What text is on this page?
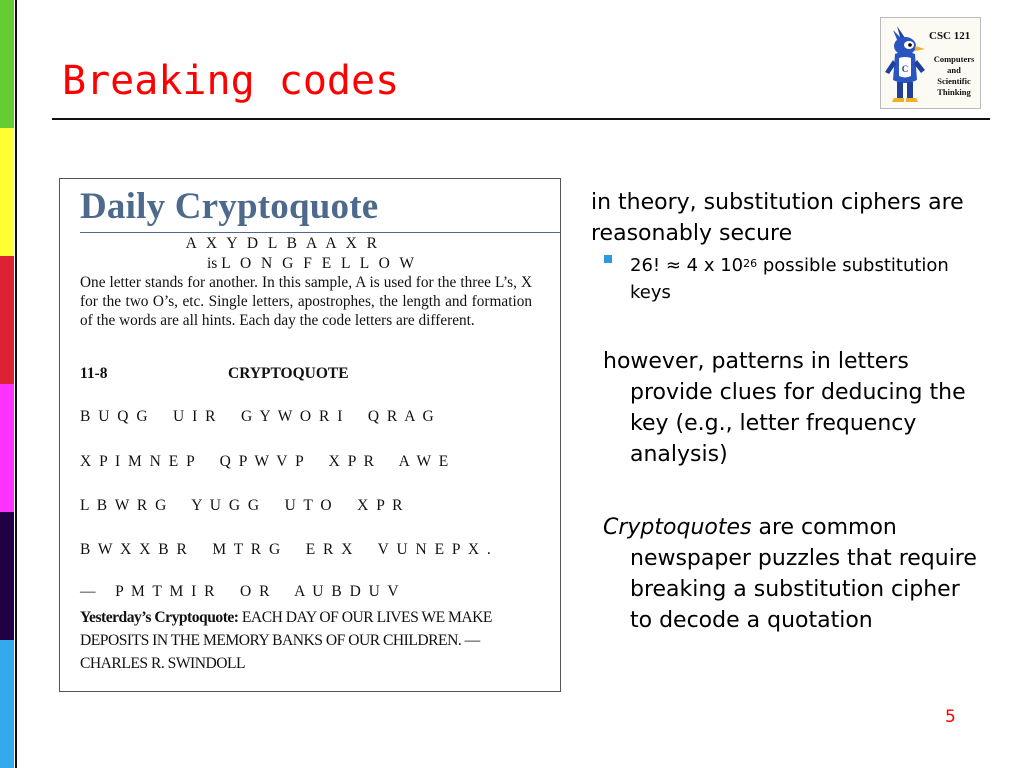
Breaking codes	C
CSC 121
Computers
and
Scientific
Thinking
Daily Cryptoquote
A X Y D L B A A X R
is L O N G F E L L O W
One letter stands for another. In this sample, A is used for the three L’s, X for the two O’s, etc. Single letters, apostrophes, the length and formation of the words are all hints. Each day the code letters are different.
11-8	CRYPTOQUOTE
B U Q G    U I R    G Y W O R I    Q R A G
X P I M N E P    Q P W V P    X P R    A W E
L B W R G    Y U G G    U T O    X P R
B W X X B R    M T R G    E R X    V U N E P X .
—   P M T M I R    O R    A U B D U V
Yesterday’s Cryptoquote: EACH DAY OF OUR LIVES WE MAKE DEPOSITS IN THE MEMORY BANKS OF OUR CHILDREN. — CHARLES R. SWINDOLL
in theory, substitution ciphers are reasonably secure
26! ≈ 4 x $10^{26}$ possible substitution keys
however, patterns in letters
provide clues for deducing the key (e.g., letter frequency analysis)
Cryptoquotes are common
newspaper puzzles that require breaking a substitution cipher to decode a quotation
5
